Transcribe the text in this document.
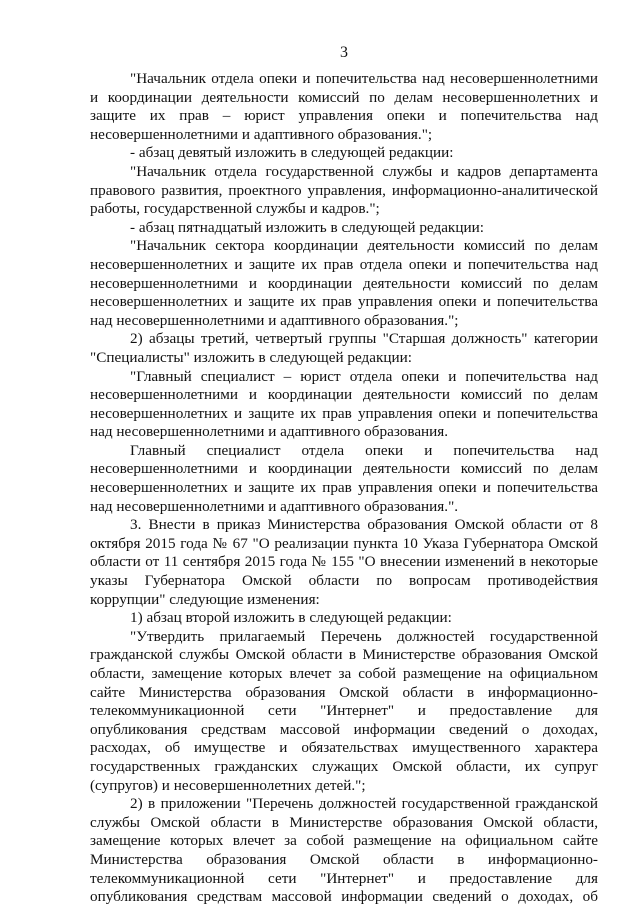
3

"Начальник отдела опеки и попечительства над несовершеннолетними и координации деятельности комиссий по делам несовершеннолетних и защите их прав – юрист управления опеки и попечительства над несовершеннолетними и адаптивного образования.";

- абзац девятый изложить в следующей редакции:

"Начальник отдела государственной службы и кадров департамента правового развития, проектного управления, информационно-аналитической работы, государственной службы и кадров.";

- абзац пятнадцатый изложить в следующей редакции:

"Начальник сектора координации деятельности комиссий по делам несовершеннолетних и защите их прав отдела опеки и попечительства над несовершеннолетними и координации деятельности комиссий по делам несовершеннолетних и защите их прав управления опеки и попечительства над несовершеннолетними и адаптивного образования.";

2) абзацы третий, четвертый группы "Старшая должность" категории "Специалисты" изложить в следующей редакции:

"Главный специалист – юрист отдела опеки и попечительства над несовершеннолетними и координации деятельности комиссий по делам несовершеннолетних и защите их прав управления опеки и попечительства над несовершеннолетними и адаптивного образования.

Главный специалист отдела опеки и попечительства над несовершеннолетними и координации деятельности комиссий по делам несовершеннолетних и защите их прав управления опеки и попечительства над несовершеннолетними и адаптивного образования.".

3. Внести в приказ Министерства образования Омской области от 8 октября 2015 года № 67 "О реализации пункта 10 Указа Губернатора Омской области от 11 сентября 2015 года № 155 "О внесении изменений в некоторые указы Губернатора Омской области по вопросам противодействия коррупции" следующие изменения:

1) абзац второй изложить в следующей редакции:

"Утвердить прилагаемый Перечень должностей государственной гражданской службы Омской области в Министерстве образования Омской области, замещение которых влечет за собой размещение на официальном сайте Министерства образования Омской области в информационно-телекоммуникационной сети "Интернет" и предоставление для опубликования средствам массовой информации сведений о доходах, расходах, об имуществе и обязательствах имущественного характера государственных гражданских служащих Омской области, их супруг (супругов) и несовершеннолетних детей.";

2) в приложении "Перечень должностей государственной гражданской службы Омской области в Министерстве образования Омской области, замещение которых влечет за собой размещение на официальном сайте Министерства образования Омской области в информационно-телекоммуникационной сети "Интернет" и предоставление для опубликования средствам массовой информации сведений о доходах, об
